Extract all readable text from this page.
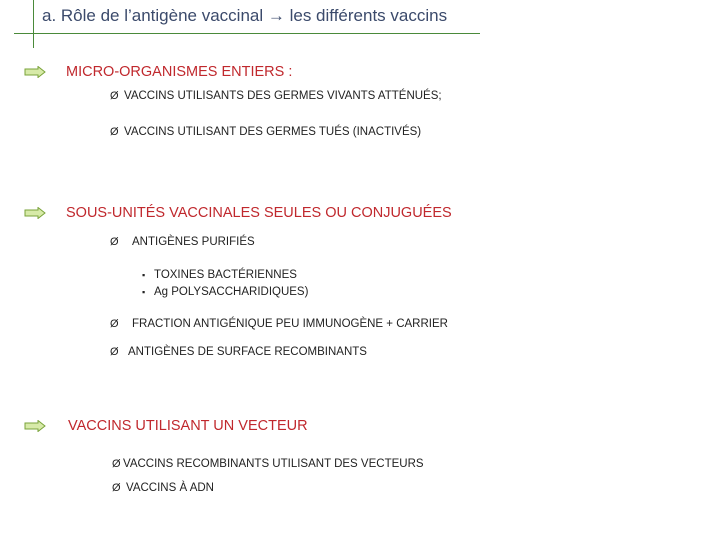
a. Rôle de l’antigène vaccinal → les différents vaccins
MICRO-ORGANISMES ENTIERS :
Ø VACCINS UTILISANTS DES GERMES VIVANTS ATTÉNUÉS;
Ø VACCINS UTILISANT DES GERMES TUÉS (INACTIVÉS)
SOUS-UNITÉS VACCINALES SEULES OU CONJUGUÉES
Ø	ANTIGÈNES PURIFIÉS
▪ TOXINES BACTÉRIENNES
▪ Ag POLYSACCHARIDIQUES)
Ø	FRACTION ANTIGÉNIQUE PEU IMMUNOGÈNE + CARRIER
Ø ANTIGÈNES DE SURFACE RECOMBINANTS
VACCINS UTILISANT UN VECTEUR
Ø VACCINS RECOMBINANTS UTILISANT DES VECTEURS
Ø VACCINS À ADN
